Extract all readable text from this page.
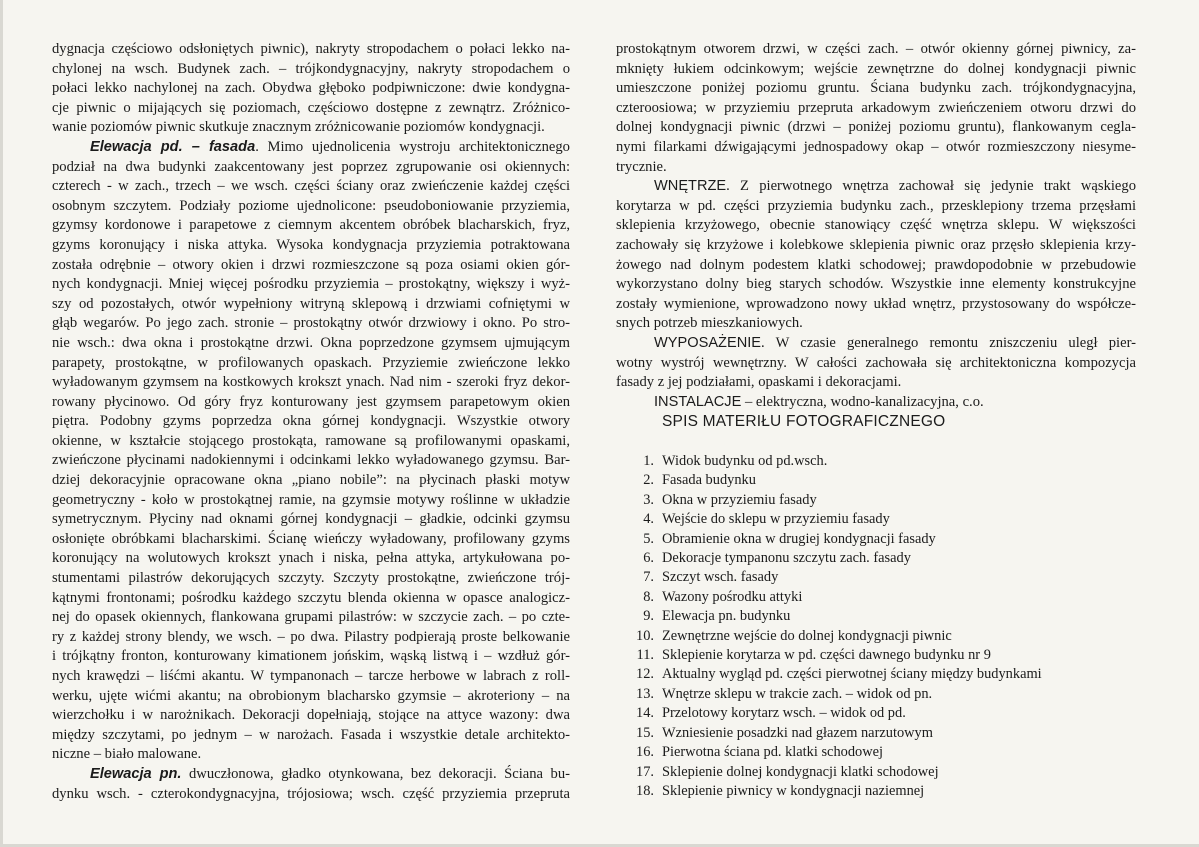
dygnacja częściowo odsłoniętych piwnic), nakryty stropodachem o połaci lekko na-
chylonej na wsch. Budynek zach. – trójkondygnacyjny, nakryty stropodachem o
połaci lekko nachylonej na zach. Obydwa głęboko podpiwniczone: dwie kondygna-
cje piwnic o mijających się poziomach, częściowo dostępne z zewnątrz. Zróżnico-
wanie poziomów piwnic skutkuje znacznym zróżnicowanie poziomów kondygnacji.
Elewacja pd. – fasada. Mimo ujednolicenia wystroju architektonicznego
podział na dwa budynki zaakcentowany jest poprzez zgrupowanie osi okiennych:
czterech - w zach., trzech – we wsch. części ściany oraz zwieńczenie każdej części
osobnym szczytem. Podziały poziome ujednolicone: pseudoboniowanie przyziemia,
gzymsy kordonowe i parapetowe z ciemnym akcentem obróbek blacharskich, fryz,
gzyms koronujący i niska attyka. Wysoka kondygnacja przyziemia potraktowana
została odrębnie – otwory okien i drzwi rozmieszczone są poza osiami okien gór-
nych kondygnacji. Mniej więcej pośrodku przyziemia – prostokątny, większy i wyż-
szy od pozostałych, otwór wypełniony witryną sklepową i drzwiami cofniętymi w
głąb wegarów. Po jego zach. stronie – prostokątny otwór drzwiowy i okno. Po stro-
nie wsch.: dwa okna i prostokątne drzwi. Okna poprzedzone gzymsem ujmującym
parapety, prostokątne, w profilowanych opaskach. Przyziemie zwieńczone lekko
wyładowanym gzymsem na kostkowych krokszt ynach. Nad nim - szeroki fryz dekor-
rowany płycinowo. Od góry fryz konturowany jest gzymsem parapetowym okien
piętra. Podobny gzyms poprzedza okna górnej kondygnacji. Wszystkie otwory
okienne, w kształcie stojącego prostokąta, ramowane są profilowanymi opaskami,
zwieńczone płycinami nadokiennymi i odcinkami lekko wyładowanego gzymsu. Bar-
dziej dekoracyjnie opracowane okna „piano nobile”: na płycinach płaski motyw
geometryczny - koło w prostokątnej ramie, na gzymsie motywy roślinne w układzie
symetrycznym. Płyciny nad oknami górnej kondygnacji – gładkie, odcinki gzymsu
osłonięte obróbkami blacharskimi. Ścianę wieńczy wyładowany, profilowany gzyms
koronujący na wolutowych krokszt ynach i niska, pełna attyka, artykułowana po-
stumentami pilastrów dekorujących szczyty. Szczyty prostokątne, zwieńczone trój-
kątnymi frontonami; pośrodku każdego szczytu blenda okienna w opasce analogicz-
nej do opasek okiennych, flankowana grupami pilastrów: w szczycie zach. – po czte-
ry z każdej strony blendy, we wsch. – po dwa. Pilastry podpierają proste belkowanie
i trójkątny fronton, konturowany kimationem jońskim, wąską listwą i – wzdłuż gór-
nych krawędzi – liśćmi akantu. W tympanonach – tarcze herbowe w labrach z roll-
werku, ujęte wićmi akantu; na obrobionym blacharsko gzymsie – akroteriony – na
wierzchołku i w narożnikach. Dekoracji dopełniają, stojące na attyce wazony: dwa
między szczytami, po jednym – w narożach. Fasada i wszystkie detale architekto-
niczne – biało malowane.
Elewacja pn. dwuczłonowa, gładko otynkowana, bez dekoracji. Ściana bu-
dynku wsch. - czterokondygnacyjna, trójosiowa; wsch. część przyziemia przepruta
prostokątnym otworem drzwi, w części zach. – otwór okienny górnej piwnicy, za-
mknięty łukiem odcinkowym; wejście zewnętrzne do dolnej kondygnacji piwnic
umieszczone poniżej poziomu gruntu. Ściana budynku zach. trójkondygnacyjna,
czteroosiowa; w przyziemiu przepruta arkadowym zwieńczeniem otworu drzwi do
dolnej kondygnacji piwnic (drzwi – poniżej poziomu gruntu), flankowanym cegla-
nymi filarkami dźwigającymi jednospadowy okap – otwór rozmieszczony niesyme-
trycznie.
WNĘTRZE. Z pierwotnego wnętrza zachował się jedynie trakt wąskiego
korytarza w pd. części przyziemia budynku zach., przesklepiony trzema przęsłami
sklepienia krzyżowego, obecnie stanowiący część wnętrza sklepu. W większości
zachowały się krzyżowe i kolebkowe sklepienia piwnic oraz przęsło sklepienia krzy-
żowego nad dolnym podestem klatki schodowej; prawdopodobnie w przebudowie
wykorzystano dolny bieg starych schodów. Wszystkie inne elementy konstrukcyjne
zostały wymienione, wprowadzono nowy układ wnętrz, przystosowany do współcze-
snych potrzeb mieszkaniowych.
WYPOSAŻENIE. W czasie generalnego remontu zniszczeniu uległ pier-
wotny wystrój wewnętrzny. W całości zachowała się architektoniczna kompozycja
fasady z jej podziałami, opaskami i dekoracjami.
INSTALACJE – elektryczna, wodno-kanalizacyjna, c.o.
SPIS MATERIŁU FOTOGRAFICZNEGO
1. Widok budynku od pd.wsch.
2. Fasada budynku
3. Okna w przyziemiu fasady
4. Wejście do sklepu w przyziemiu fasady
5. Obramienie okna w drugiej kondygnacji fasady
6. Dekoracje tympanonu szczytu zach. fasady
7. Szczyt wsch. fasady
8. Wazony pośrodku attyki
9. Elewacja pn. budynku
10. Zewnętrzne wejście do dolnej kondygnacji piwnic
11. Sklepienie korytarza w pd. części dawnego budynku nr 9
12. Aktualny wygląd pd. części pierwotnej ściany między budynkami
13. Wnętrze sklepu w trakcie zach. – widok od pn.
14. Przelotowy korytarz wsch. – widok od pd.
15. Wzniesienie posadzki nad głazem narzutowym
16. Pierwotna ściana pd. klatki schodowej
17. Sklepienie dolnej kondygnacji klatki schodowej
18. Sklepienie piwnicy w kondygnacji naziemnej
